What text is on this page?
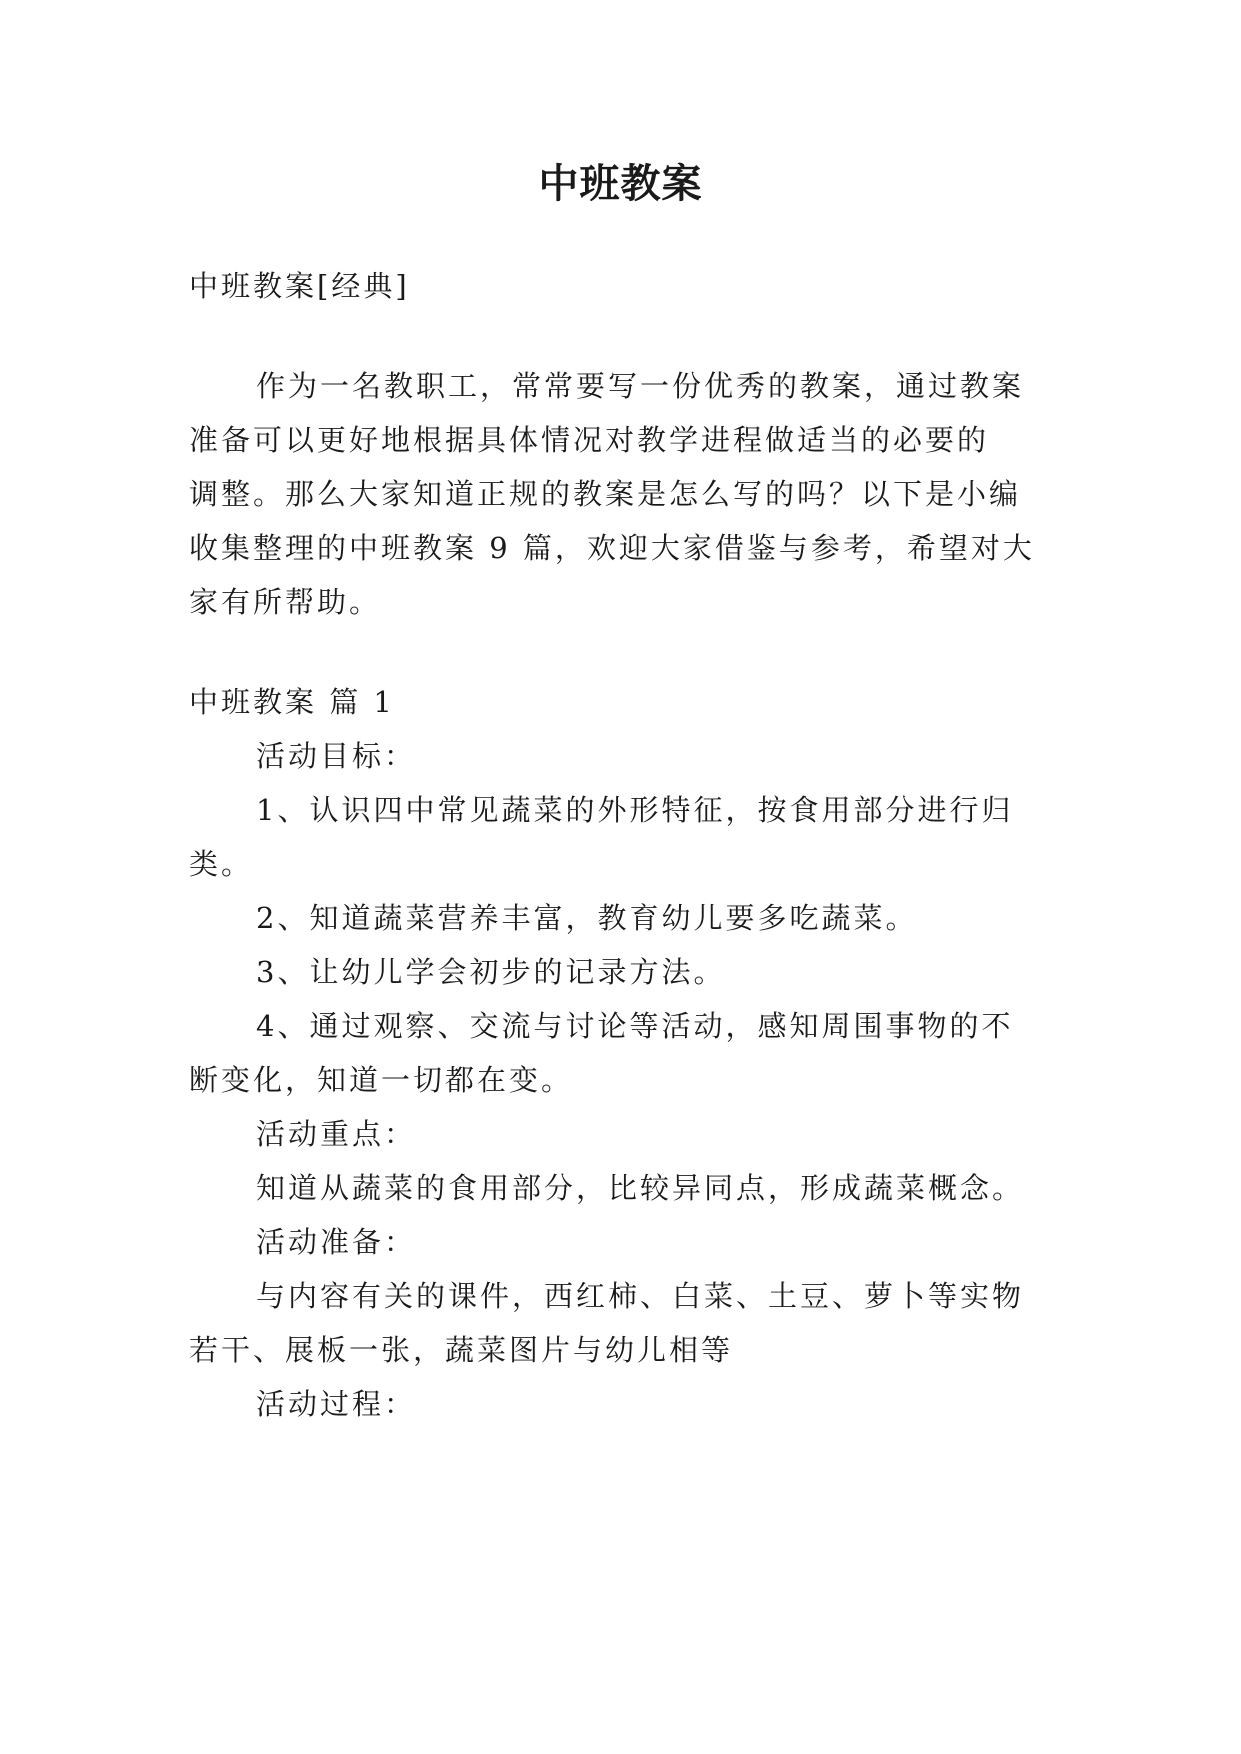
中班教案
中班教案[经典]
作为一名教职工，常常要写一份优秀的教案，通过教案
准备可以更好地根据具体情况对教学进程做适当的必要的
调整。那么大家知道正规的教案是怎么写的吗？以下是小编
收集整理的中班教案 9 篇，欢迎大家借鉴与参考，希望对大
家有所帮助。
中班教案 篇 1
活动目标：
1、认识四中常见蔬菜的外形特征，按食用部分进行归
类。
2、知道蔬菜营养丰富，教育幼儿要多吃蔬菜。
3、让幼儿学会初步的记录方法。
4、通过观察、交流与讨论等活动，感知周围事物的不
断变化，知道一切都在变。
活动重点：
知道从蔬菜的食用部分，比较异同点，形成蔬菜概念。
活动准备：
与内容有关的课件，西红柿、白菜、土豆、萝卜等实物
若干、展板一张，蔬菜图片与幼儿相等
活动过程：
